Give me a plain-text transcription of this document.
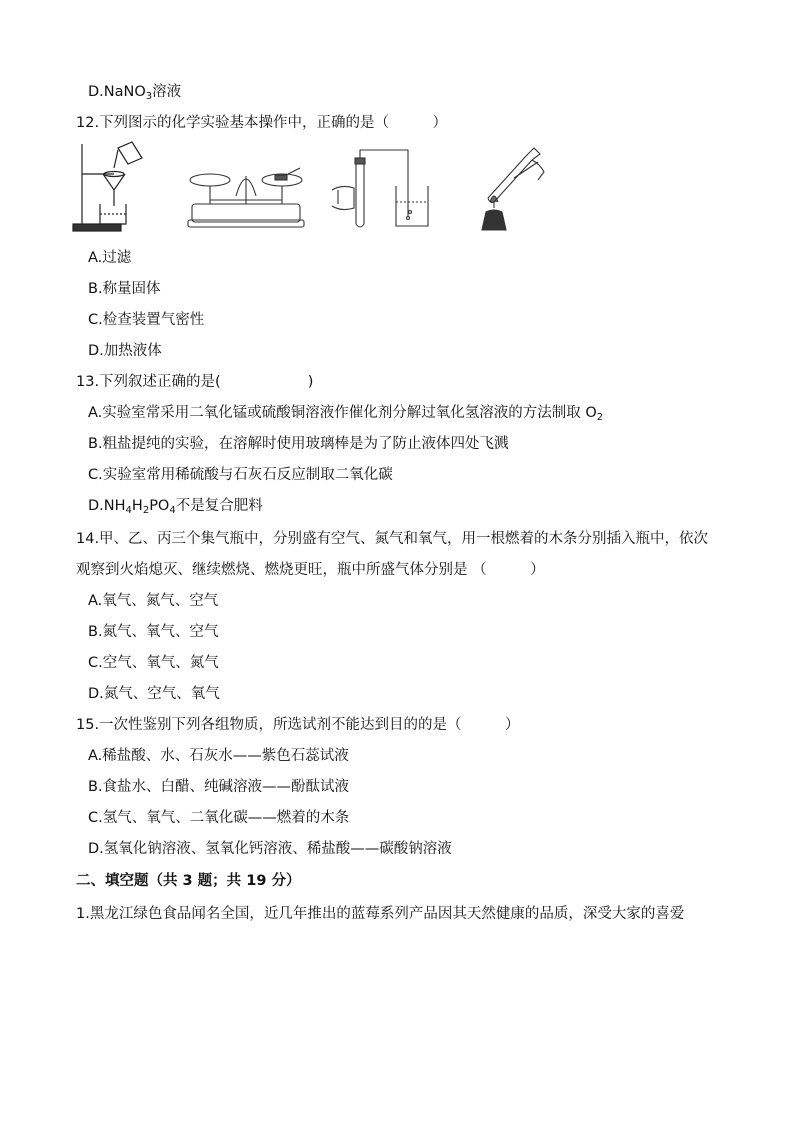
D.NaNO$_3$溶液
12.下列图示的化学实验基本操作中，正确的是（　　　）
A.过滤
B.称量固体
C.检查装置气密性
D.加热液体
13.下列叙述正确的是(　　　　　　)
A.实验室常采用二氧化锰或硫酸铜溶液作催化剂分解过氧化氢溶液的方法制取 $O_2$
B.粗盐提纯的实验，在溶解时使用玻璃棒是为了防止液体四处飞溅
C.实验室常用稀硫酸与石灰石反应制取二氧化碳
$D.NH_4H_2PO_4$不是复合肥料
14.甲、乙、丙三个集气瓶中，分别盛有空气、氮气和氧气，用一根燃着的木条分别插入瓶中，依次观察到火焰熄灭、继续燃烧、燃烧更旺，瓶中所盛气体分别是 （　　　）
A.氧气、氮气、空气
B.氮气、氧气、空气
C.空气、氧气、氮气
D.氮气、空气、氧气
15.一次性鉴别下列各组物质，所选试剂不能达到目的的是（　　　）
A.稀盐酸、水、石灰水——紫色石蕊试液
B.食盐水、白醋、纯碱溶液——酚酞试液
C.氢气、氧气、二氧化碳——燃着的木条
D.氢氧化钠溶液、氢氧化钙溶液、稀盐酸——碳酸钠溶液
二、填空题（共 3 题；共 19 分）
1.黑龙江绿色食品闻名全国，近几年推出的蓝莓系列产品因其天然健康的品质，深受大家的喜爱
